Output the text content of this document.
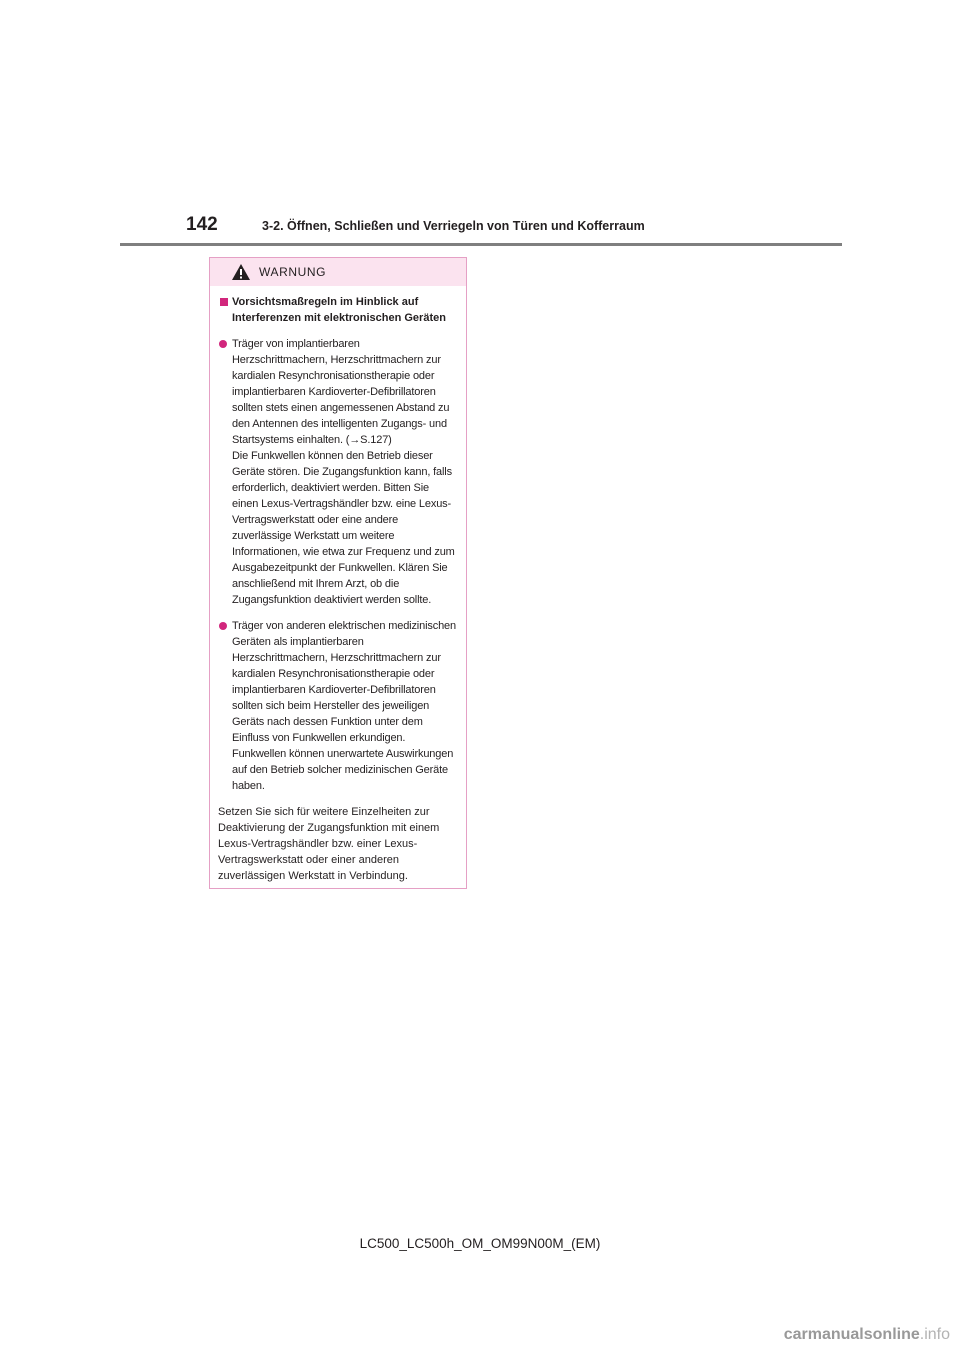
142	3-2. Öffnen, Schließen und Verriegeln von Türen und Kofferraum
WARNUNG
Vorsichtsmaßregeln im Hinblick auf Interferenzen mit elektronischen Geräten
Träger von implantierbaren Herzschrittmachern, Herzschrittmachern zur kardialen Resynchronisationstherapie oder implantierbaren Kardioverter-Defibrillatoren sollten stets einen angemessenen Abstand zu den Antennen des intelligenten Zugangs- und Startsystems einhalten. (→S.127)
Die Funkwellen können den Betrieb dieser Geräte stören. Die Zugangsfunktion kann, falls erforderlich, deaktiviert werden. Bitten Sie einen Lexus-Vertragshändler bzw. eine Lexus-Vertragswerkstatt oder eine andere zuverlässige Werkstatt um weitere Informationen, wie etwa zur Frequenz und zum Ausgabezeitpunkt der Funkwellen. Klären Sie anschließend mit Ihrem Arzt, ob die Zugangsfunktion deaktiviert werden sollte.
Träger von anderen elektrischen medizinischen Geräten als implantierbaren Herzschrittmachern, Herzschrittmachern zur kardialen Resynchronisationstherapie oder implantierbaren Kardioverter-Defibrillatoren sollten sich beim Hersteller des jeweiligen Geräts nach dessen Funktion unter dem Einfluss von Funkwellen erkundigen. Funkwellen können unerwartete Auswirkungen auf den Betrieb solcher medizinischen Geräte haben.
Setzen Sie sich für weitere Einzelheiten zur Deaktivierung der Zugangsfunktion mit einem Lexus-Vertragshändler bzw. einer Lexus-Vertragswerkstatt oder einer anderen zuverlässigen Werkstatt in Verbindung.
LC500_LC500h_OM_OM99N00M_(EM)
carmanualsonline.info
